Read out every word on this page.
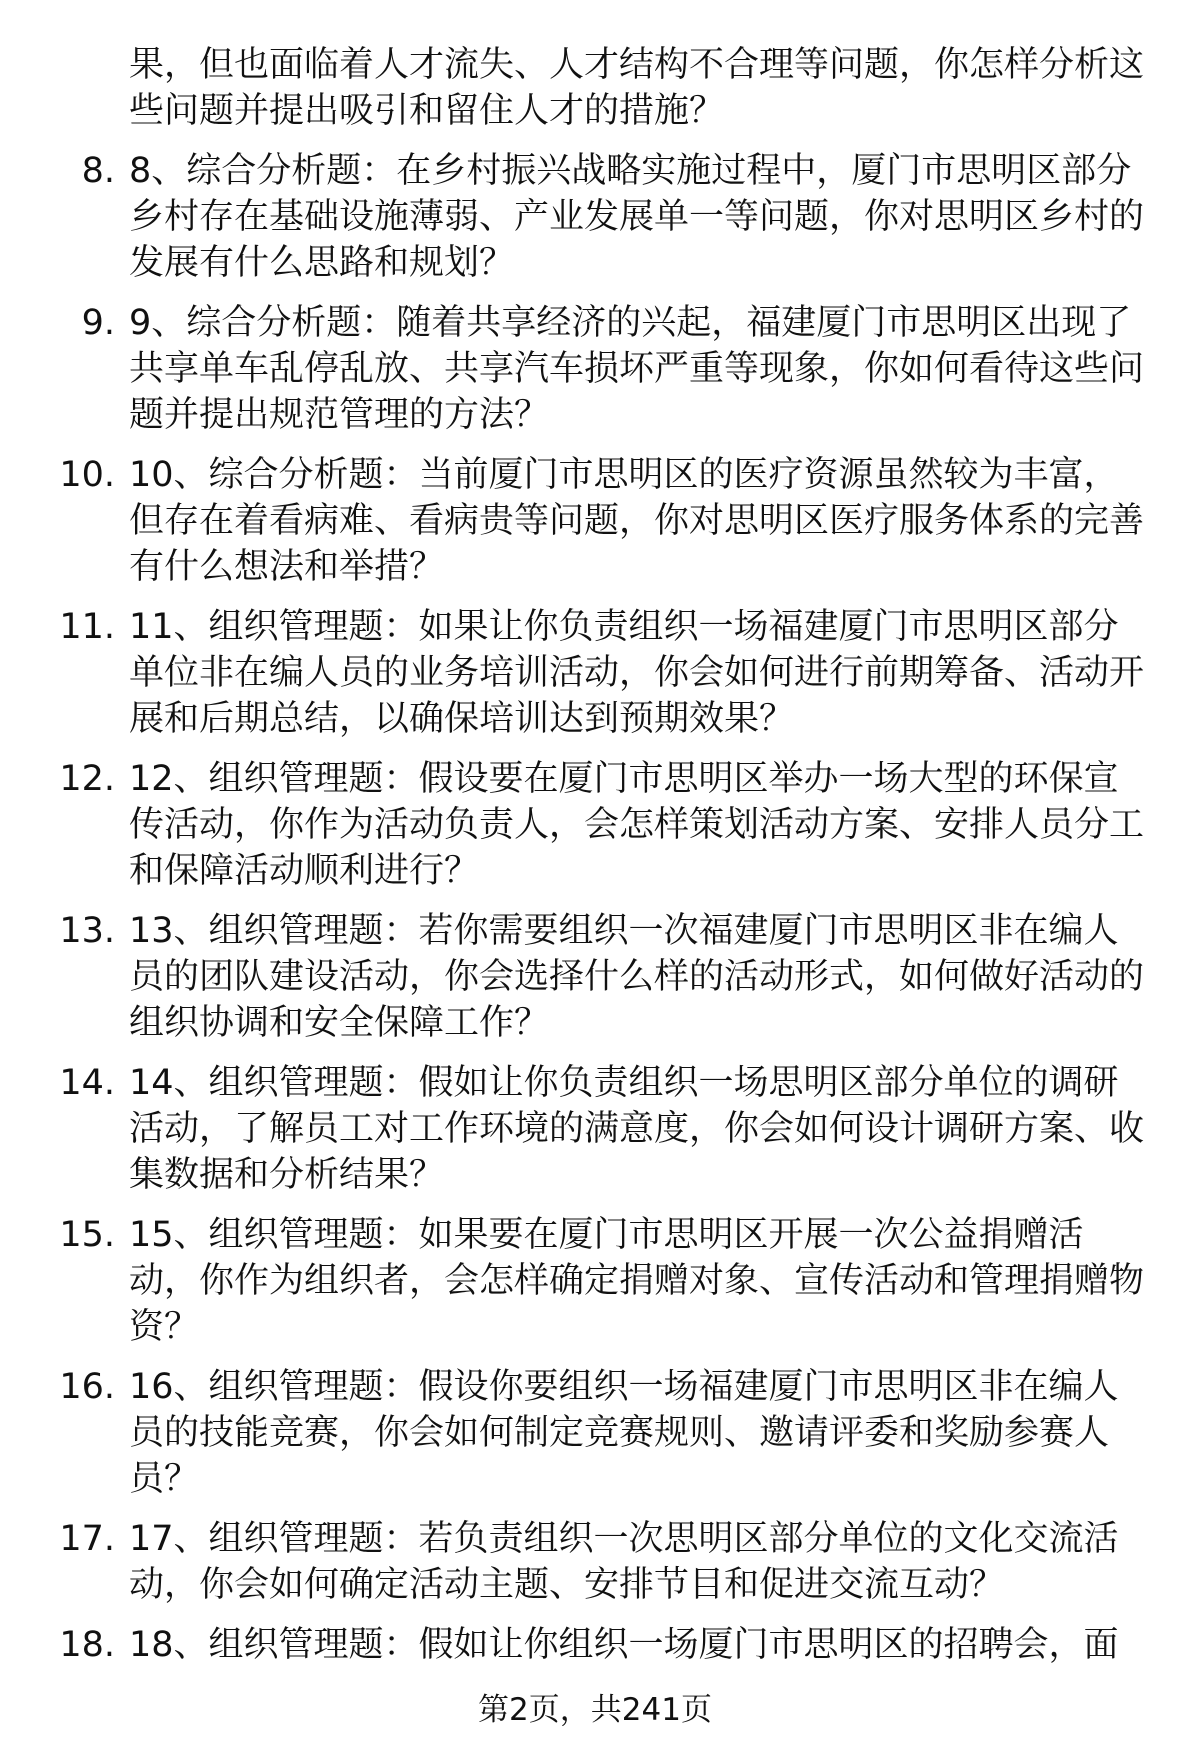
果，但也面临着人才流失、人才结构不合理等问题，你怎样分析这些问题并提出吸引和留住人才的措施？
8. 8、综合分析题：在乡村振兴战略实施过程中，厦门市思明区部分乡村存在基础设施薄弱、产业发展单一等问题，你对思明区乡村的发展有什么思路和规划？
9. 9、综合分析题：随着共享经济的兴起，福建厦门市思明区出现了共享单车乱停乱放、共享汽车损坏严重等现象，你如何看待这些问题并提出规范管理的方法？
10. 10、综合分析题：当前厦门市思明区的医疗资源虽然较为丰富，但存在着看病难、看病贵等问题，你对思明区医疗服务体系的完善有什么想法和举措？
11. 11、组织管理题：如果让你负责组织一场福建厦门市思明区部分单位非在编人员的业务培训活动，你会如何进行前期筹备、活动开展和后期总结，以确保培训达到预期效果？
12. 12、组织管理题：假设要在厦门市思明区举办一场大型的环保宣传活动，你作为活动负责人，会怎样策划活动方案、安排人员分工和保障活动顺利进行？
13. 13、组织管理题：若你需要组织一次福建厦门市思明区非在编人员的团队建设活动，你会选择什么样的活动形式，如何做好活动的组织协调和安全保障工作？
14. 14、组织管理题：假如让你负责组织一场思明区部分单位的调研活动，了解员工对工作环境的满意度，你会如何设计调研方案、收集数据和分析结果？
15. 15、组织管理题：如果要在厦门市思明区开展一次公益捐赠活动，你作为组织者，会怎样确定捐赠对象、宣传活动和管理捐赠物资？
16. 16、组织管理题：假设你要组织一场福建厦门市思明区非在编人员的技能竞赛，你会如何制定竞赛规则、邀请评委和奖励参赛人员？
17. 17、组织管理题：若负责组织一次思明区部分单位的文化交流活动，你会如何确定活动主题、安排节目和促进交流互动？
18. 18、组织管理题：假如让你组织一场厦门市思明区的招聘会，面
第2页，共241页
